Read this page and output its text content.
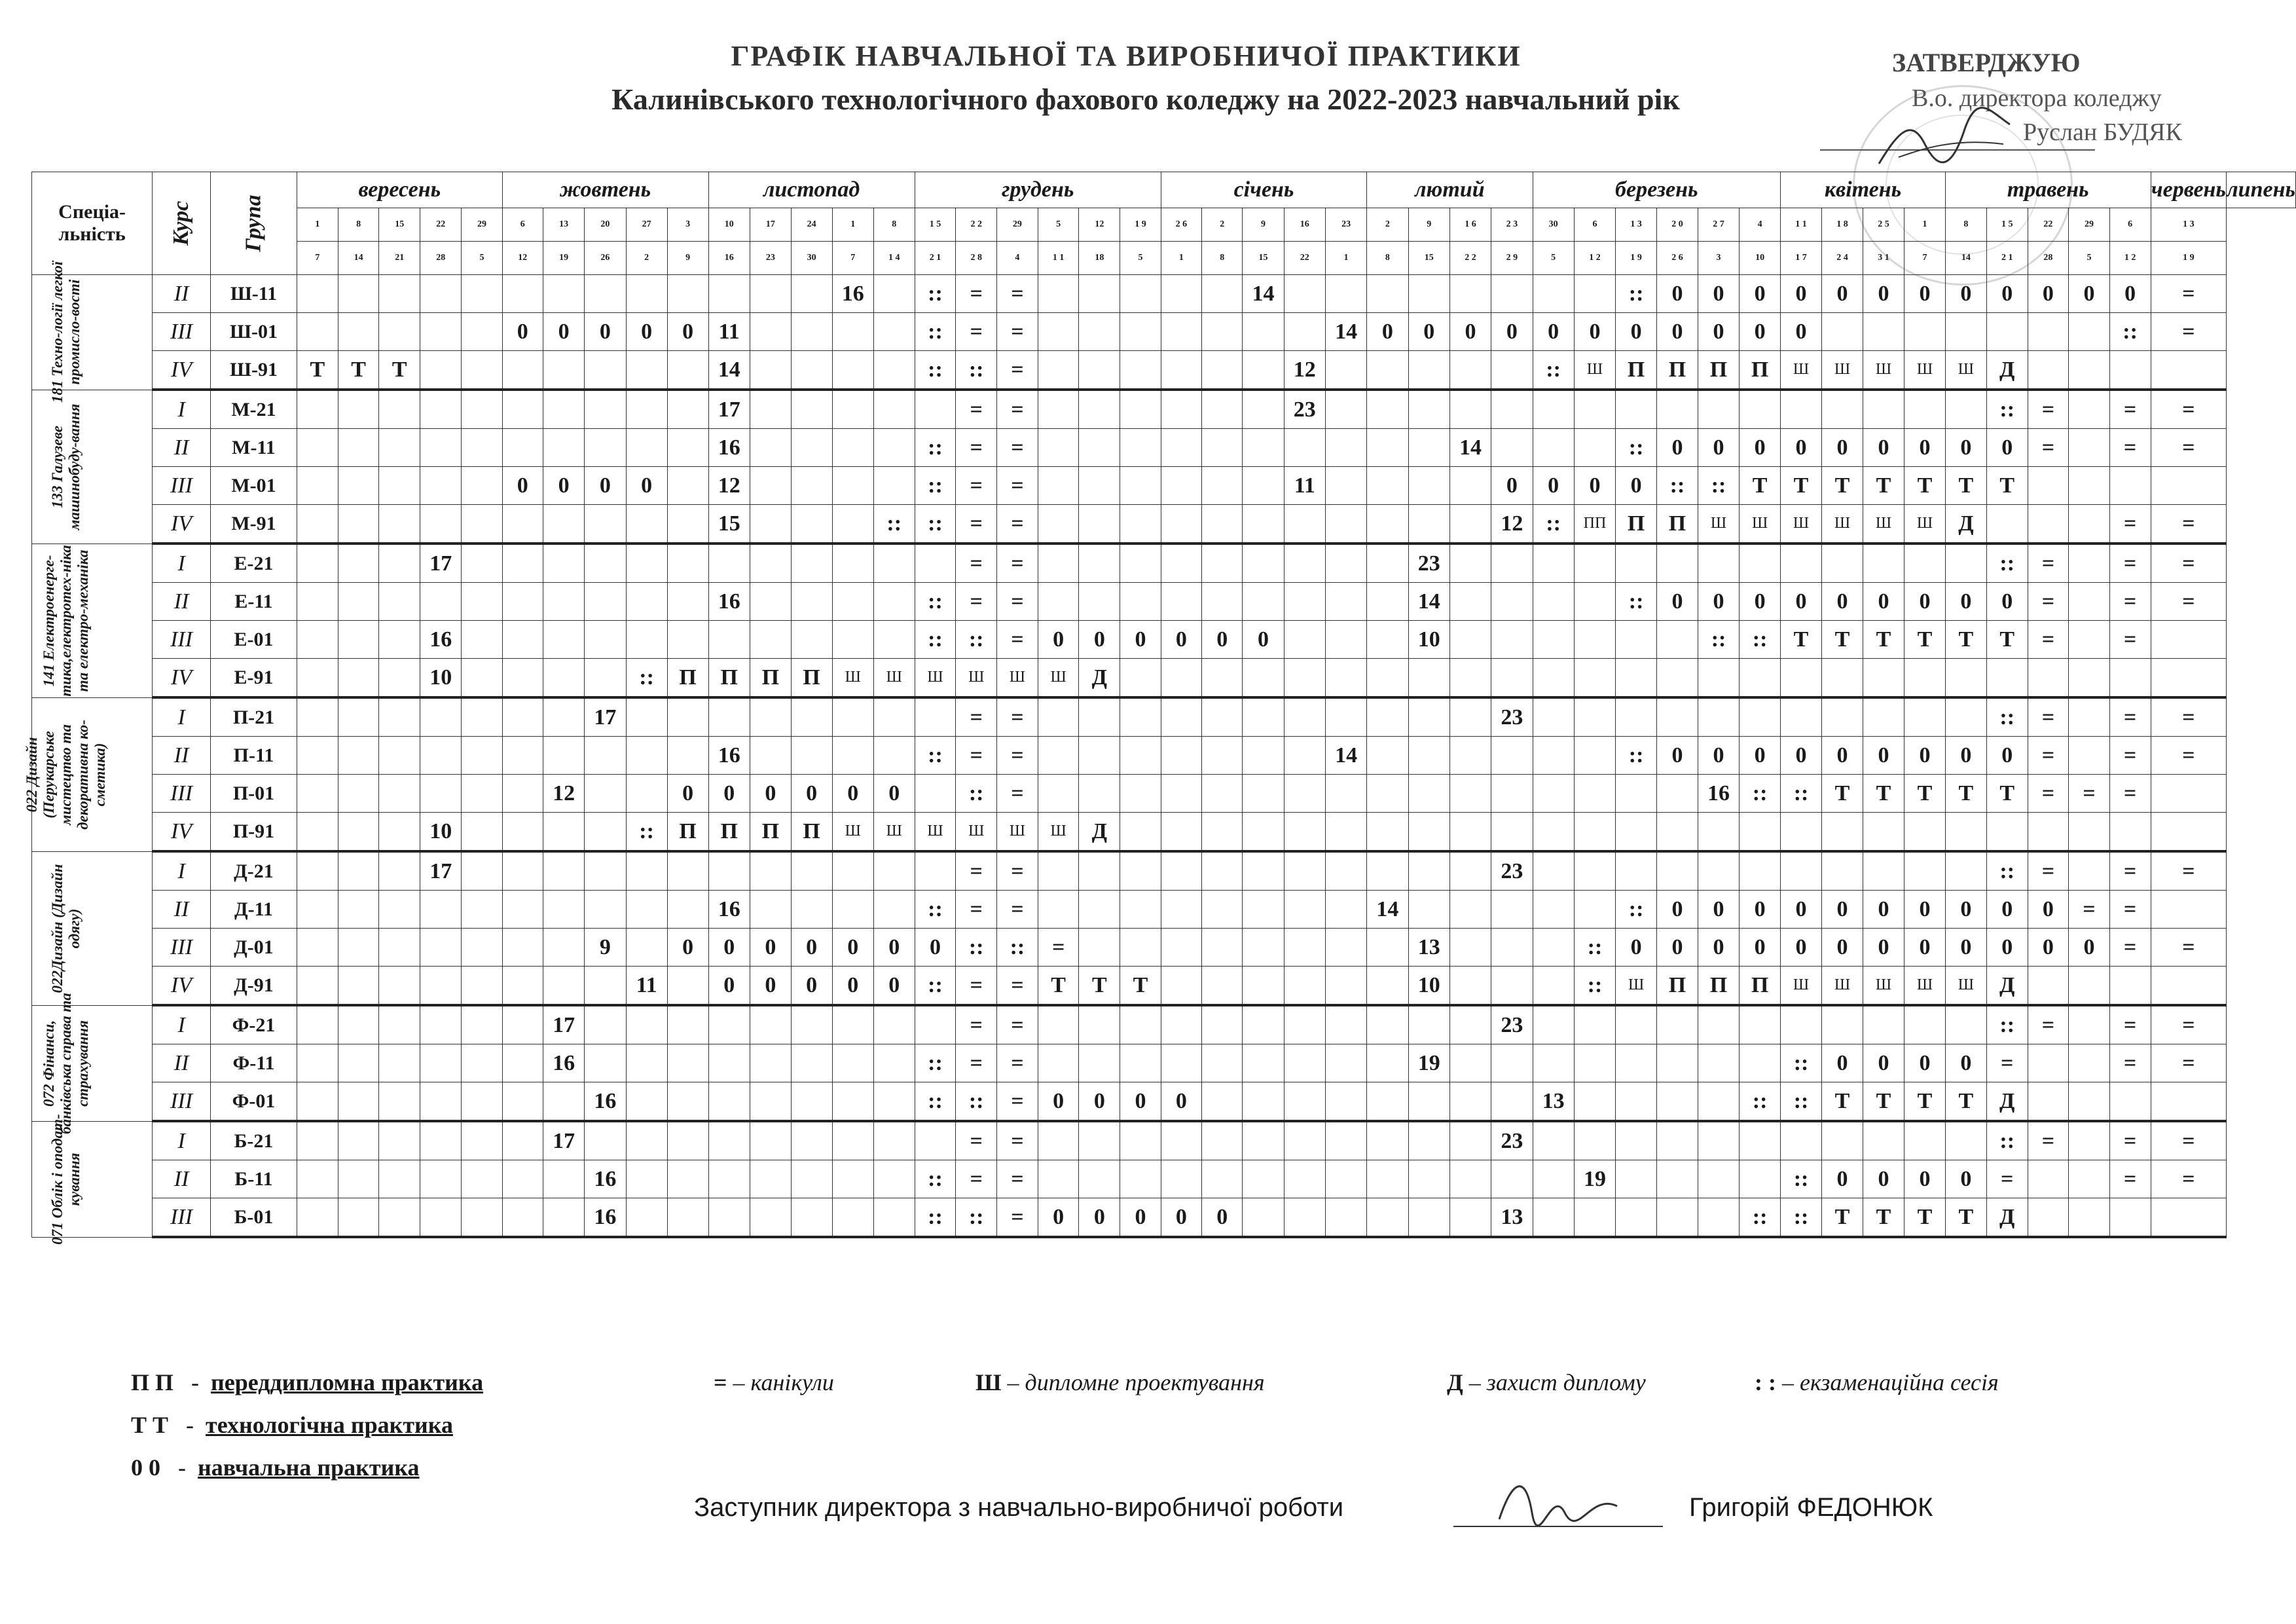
ГРАФІК НАВЧАЛЬНОЇ ТА ВИРОБНИЧОЇ ПРАКТИКИ
Калинівського технологічного фахового коледжу на 2022-2023 навчальний рік
ЗАТВЕРДЖУЮ
В.о. директора коледжу
Руслан БУДЯК
Спеціа-льність	Курс	Група	вересень					жовтень					листопад					грудень						січень					лютий				березень						квітень				травень					червень	липень
			1	8	15	22	29	6	13	20	27	3	10	17	24	1	8	1 5	2 2	29	5	12	1 9	2 6	2	9	16	23	2	9	1 6	2 3	30	6	1 3	2 0	2 7	4	1 1	1 8	2 5	1	8	1 5	22	29	6	1 3	
			7	14	21	28	5	12	19	26	2	9	16	23	30	7	1 4	2 1	2 8	4	1 1	18	5	1	8	15	22	1	8	15	2 2	2 9	5	1 2	1 9	2 6	3	10	1 7	2 4	3 1	7	14	2 1	28	5	1 2	1 9	

181 Техно-логії легкої промисло-вості	II	Ш-11														16		::	=	=						14									::	0	0	0	0	0	0	0	0	0	0	0	0	=	
	III	Ш-01						0	0	0	0	0	11					::	=	=								14	0	0	0	0	0	0	0	0	0	0	0								::	=	
	IV	Ш-91	Т	Т	Т								14					::	::	=							12						::	Ш	П	П	П	П	Ш	Ш	Ш	Ш	Ш	Д					

133 Галузеве машинобуду-вання	I	М-21											17						=	=							23																	::	=		=	=	
	II	М-11											16					::	=	=											14				::	0	0	0	0	0	0	0	0	0	=		=	=	
	III	М-01						0	0	0	0		12					::	=	=							11					0	0	0	0	::	::	Т	Т	Т	Т	Т	Т	Т					
	IV	М-91											15				::	::	=	=												12	::	ПП	П	П	Ш	Ш	Ш	Ш	Ш	Ш	Д				=	=	

141 Електроенерге-тика,електротех-ніка та електро-механіка	I	Е-21				17													=	=										23														::	=		=	=	
	II	Е-11											16					::	=	=										14					::	0	0	0	0	0	0	0	0	0	=		=	=	
	III	Е-01				16												::	::	=	0	0	0	0	0	0				10							::	::	Т	Т	Т	Т	Т	Т	=		=		
	IV	Е-91				10					::	П	П	П	П	Ш	Ш	Ш	Ш	Ш	Ш	Д																											

022 Дизайн (Перукарське мистецтво та декоративна ко-сметика)	I	П-21								17									=	=												23												::	=		=	=	
	II	П-11											16					::	=	=								14							::	0	0	0	0	0	0	0	0	0	=		=	=	
	III	П-01							12			0	0	0	0	0	0		::	=																	16	::	::	Т	Т	Т	Т	Т	=	=	=		
	IV	П-91				10					::	П	П	П	П	Ш	Ш	Ш	Ш	Ш	Ш	Д																											

022Дизайн (Дизайн одягу)	I	Д-21				17													=	=												23												::	=		=	=	
	II	Д-11											16					::	=	=									14						::	0	0	0	0	0	0	0	0	0	0	=	=		
	III	Д-01								9		0	0	0	0	0	0	0	::	::	=									13				::	0	0	0	0	0	0	0	0	0	0	0	0	=	=	
	IV	Д-91									11		0	0	0	0	0	::	=	=	Т	Т	Т							10				::	Ш	П	П	П	Ш	Ш	Ш	Ш	Ш	Д					

072 Фінанси, банківська справа та страхування	I	Ф-21							17										=	=												23												::	=		=	=	
	II	Ф-11							16									::	=	=										19									::	0	0	0	0	=			=	=	
	III	Ф-01								16								::	::	=	0	0	0	0									13					::	::	Т	Т	Т	Т	Д					

071 Облік і оподат-кування	I	Б-21							17										=	=												23												::	=		=	=	
	II	Б-11								16								::	=	=														19					::	0	0	0	0	=			=	=	
	III	Б-01								16								::	::	=	0	0	0	0	0							13						::	::	Т	Т	Т	Т	Д					
П П   -  переддипломна практика
Т Т   -  технологічна практика
0 0   -  навчальна практика
= – канікули	Ш – дипломне проектування	Д – захист диплому	: : – екзаменаційна сесія
Заступник директора з навчально-виробничої роботи	Григорій ФЕДОНЮК
